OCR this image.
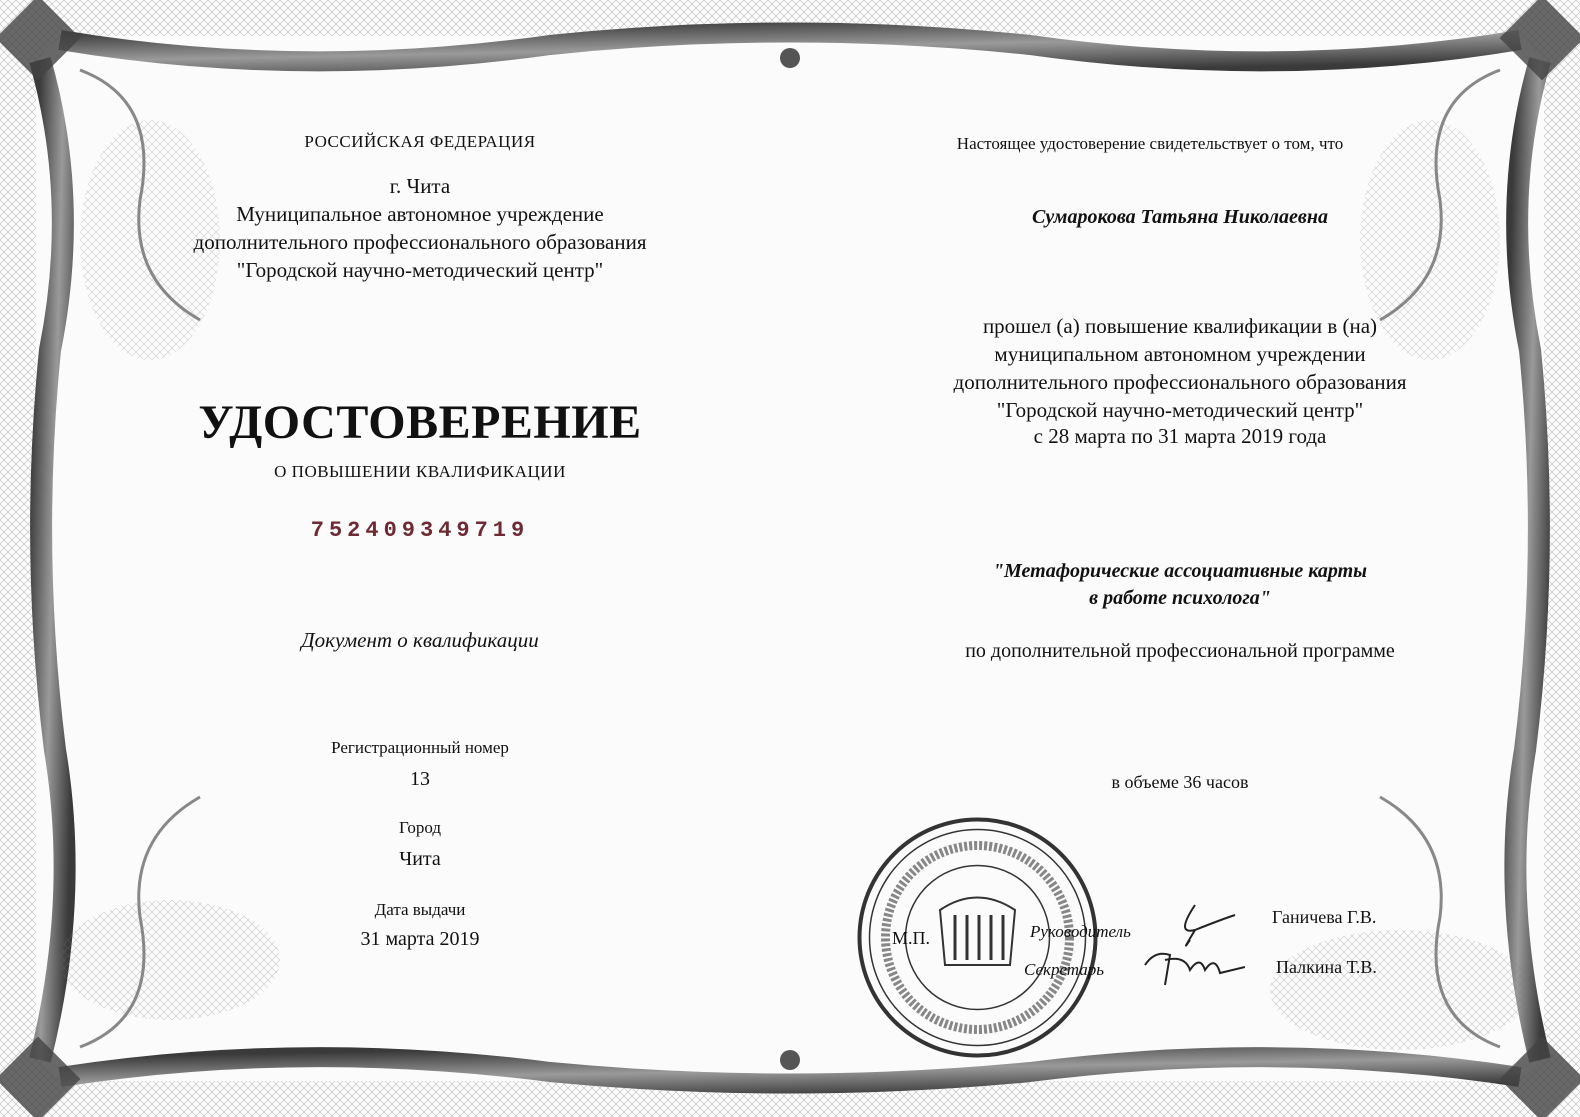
РОССИЙСКАЯ ФЕДЕРАЦИЯ
г. Чита
Муниципальное автономное учреждение
дополнительного профессионального образования
"Городской научно-методический центр"
УДОСТОВЕРЕНИЕ
О ПОВЫШЕНИИ КВАЛИФИКАЦИИ
752409349719
Документ о квалификации
Регистрационный номер
13
Город
Чита
Дата выдачи
31 марта 2019
Настоящее удостоверение свидетельствует о том, что
Сумарокова Татьяна Николаевна
прошел (а) повышение квалификации в (на)
муниципальном автономном учреждении
дополнительного профессионального образования
"Городской научно-методический центр"
с 28 марта по 31 марта 2019 года
"Метафорические ассоциативные карты
в работе психолога"
по дополнительной профессиональной программе
в объеме 36 часов
М.П.	Руководитель
Секретарь
Ганичева Г.В.
Палкина Т.В.
